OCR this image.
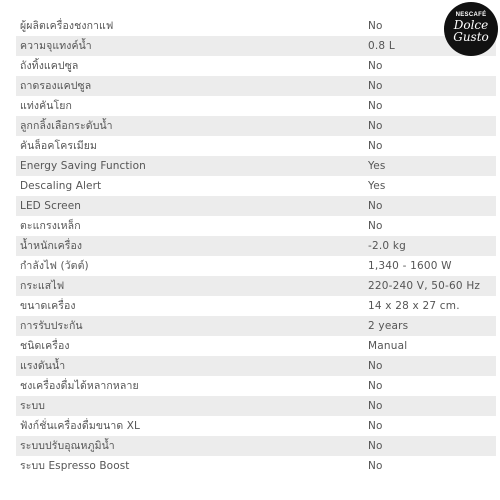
ผู้ผลิตเครื่องชงกาแฟ	No
ความจุแทงค์น้ำ	0.8 L
ถังทิ้งแคปซูล	No
ถาดรองแคปซูล	No
แท่งคันโยก	No
ลูกกลิ้งเลือกระดับน้ำ	No
คันล็อคโครเมียม	No
Energy Saving Function	Yes
Descaling Alert	Yes
LED Screen	No
ตะแกรงเหล็ก	No
น้ำหนักเครื่อง	-2.0 kg
กำลังไฟ (วัตต์)	1,340 - 1600 W
กระแสไฟ	220-240 V, 50-60 Hz
ขนาดเครื่อง	14 x 28 x 27 cm.
การรับประกัน	2 years
ชนิดเครื่อง	Manual
แรงดันน้ำ	No
ชงเครื่องดื่มได้หลากหลาย	No
ระบบ	No
ฟังก์ชั่นเครื่องดื่มขนาด XL	No
ระบบปรับอุณหภูมิน้ำ	No
ระบบ Espresso Boost	No
NESCAFÉ
Dolce
Gusto
